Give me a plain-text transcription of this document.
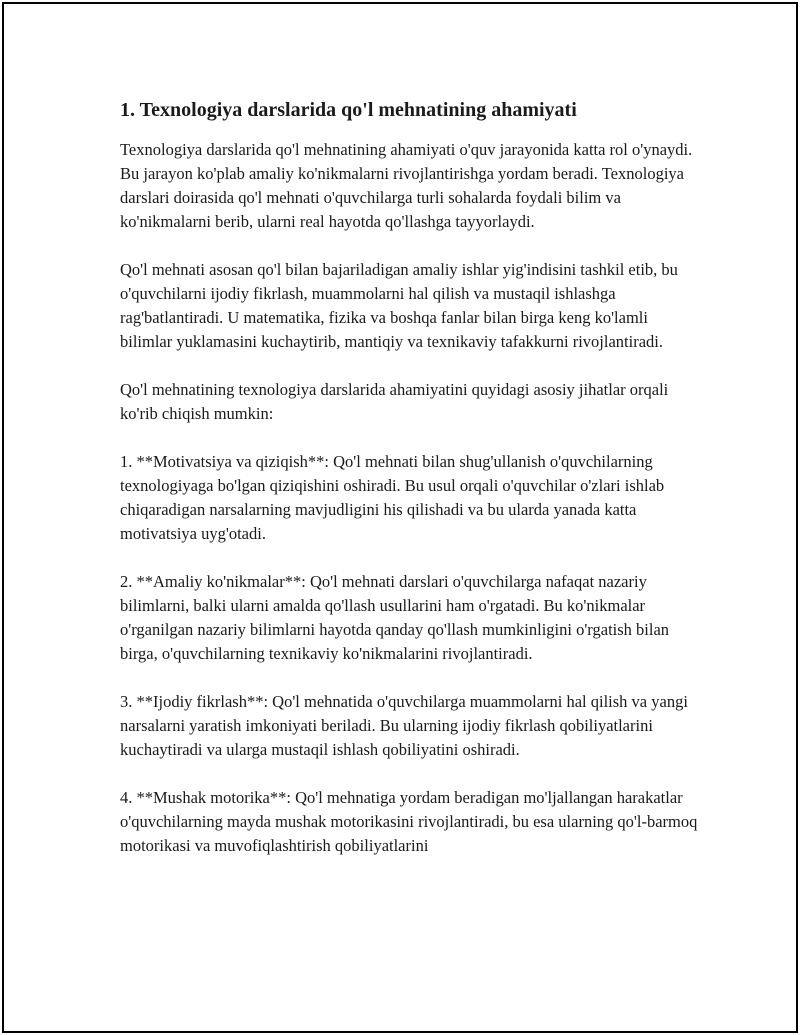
1. Texnologiya darslarida qo'l mehnatining ahamiyati

Texnologiya darslarida qo'l mehnatining ahamiyati o'quv jarayonida katta rol o'ynaydi. Bu jarayon ko'plab amaliy ko'nikmalarni rivojlantirishga yordam beradi. Texnologiya darslari doirasida qo'l mehnati o'quvchilarga turli sohalarda foydali bilim va ko'nikmalarni berib, ularni real hayotda qo'llashga tayyorlaydi.

Qo'l mehnati asosan qo'l bilan bajariladigan amaliy ishlar yig'indisini tashkil etib, bu o'quvchilarni ijodiy fikrlash, muammolarni hal qilish va mustaqil ishlashga rag'batlantiradi. U matematika, fizika va boshqa fanlar bilan birga keng ko'lamli bilimlar yuklamasini kuchaytirib, mantiqiy va texnikaviy tafakkurni rivojlantiradi.

Qo'l mehnatining texnologiya darslarida ahamiyatini quyidagi asosiy jihatlar orqali ko'rib chiqish mumkin:

1. **Motivatsiya va qiziqish**: Qo'l mehnati bilan shug'ullanish o'quvchilarning texnologiyaga bo'lgan qiziqishini oshiradi. Bu usul orqali o'quvchilar o'zlari ishlab chiqaradigan narsalarning mavjudligini his qilishadi va bu ularda yanada katta motivatsiya uyg'otadi.

2. **Amaliy ko'nikmalar**: Qo'l mehnati darslari o'quvchilarga nafaqat nazariy bilimlarni, balki ularni amalda qo'llash usullarini ham o'rgatadi. Bu ko'nikmalar o'rganilgan nazariy bilimlarni hayotda qanday qo'llash mumkinligini o'rgatish bilan birga, o'quvchilarning texnikaviy ko'nikmalarini rivojlantiradi.

3. **Ijodiy fikrlash**: Qo'l mehnatida o'quvchilarga muammolarni hal qilish va yangi narsalarni yaratish imkoniyati beriladi. Bu ularning ijodiy fikrlash qobiliyatlarini kuchaytiradi va ularga mustaqil ishlash qobiliyatini oshiradi.

4. **Mushak motorika**: Qo'l mehnatiga yordam beradigan mo'ljallangan harakatlar o'quvchilarning mayda mushak motorikasini rivojlantiradi, bu esa ularning qo'l-barmoq motorikasi va muvofiqlashtirish qobiliyatlarini
